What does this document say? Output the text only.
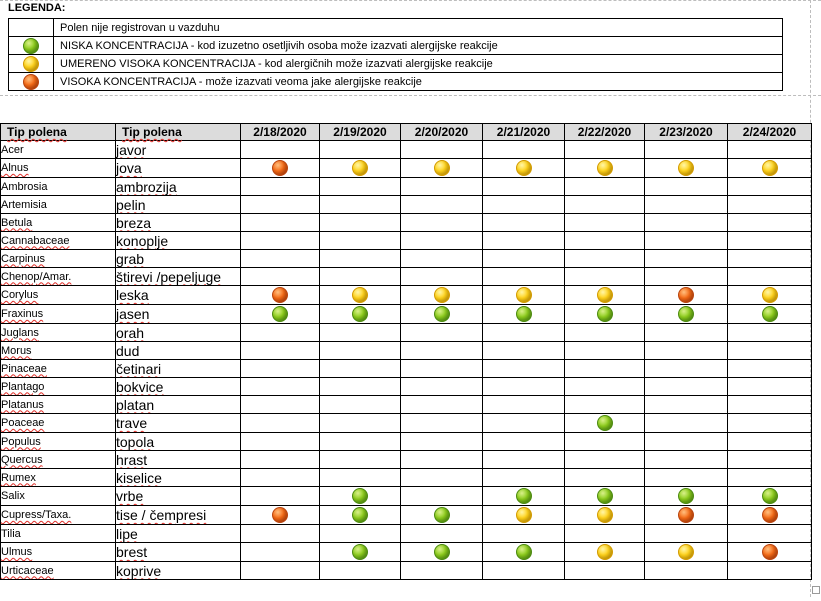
LEGENDA:
	Polen nije registrovan u vazduhu
	NISKA KONCENTRACIJA - kod izuzetno osetljivih osoba može izazvati alergijske reakcije
	UMERENO VISOKA KONCENTRACIJA - kod alergičnih može izazvati alergijske reakcije
	VISOKA KONCENTRACIJA - može izazvati veoma jake alergijske reakcije
Tip polena	Tip polena	2/18/2020	2/19/2020	2/20/2020	2/21/2020	2/22/2020	2/23/2020	2/24/2020
Acer	javor							
Alnus	jova							
Ambrosia	ambrozija							
Artemisia	pelin							
Betula	breza							
Cannabaceae	konoplje							
Carpinus	grab							
Chenop/Amar.	štirevi /pepeljuge							
Corylus	leska							
Fraxinus	jasen							
Juglans	orah							
Morus	dud							
Pinaceae	četinari							
Plantago	bokvice							
Platanus	platan							
Poaceae	trave							
Populus	topola							
Quercus	hrast							
Rumex	kiselice							
Salix	vrbe							
Cupress/Taxa.	tise / čempresi							
Tilia	lipe							
Ulmus	brest							
Urticaceae	koprive							
